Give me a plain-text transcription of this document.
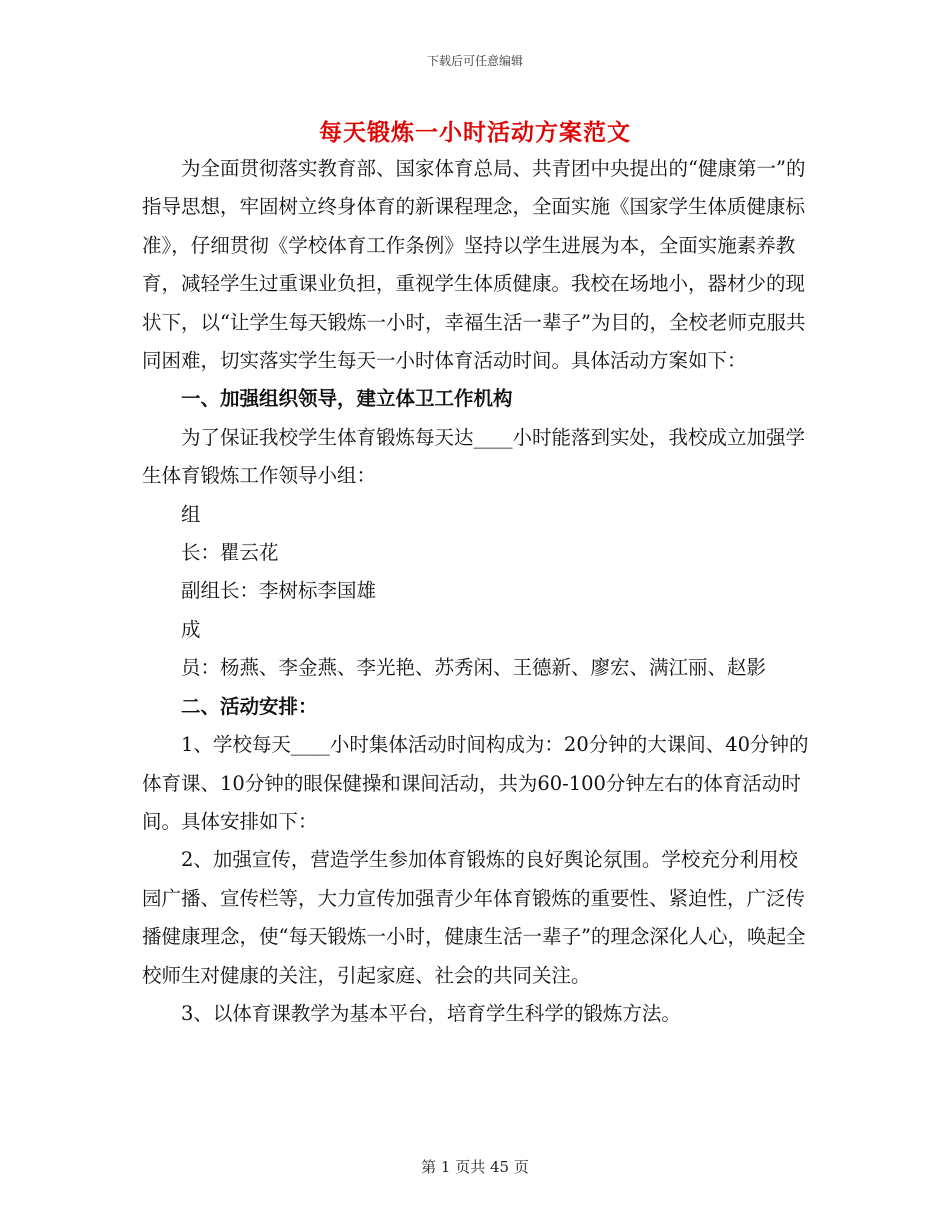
下载后可任意编辑
每天锻炼一小时活动方案范文

为全面贯彻落实教育部、国家体育总局、共青团中央提出的“健康第一”的指导思想，牢固树立终身体育的新课程理念，全面实施《国家学生体质健康标准》，仔细贯彻《学校体育工作条例》坚持以学生进展为本，全面实施素养教育，减轻学生过重课业负担，重视学生体质健康。我校在场地小，器材少的现状下，以“让学生每天锻炼一小时，幸福生活一辈子”为目的，全校老师克服共同困难，切实落实学生每天一小时体育活动时间。具体活动方案如下：

一、加强组织领导，建立体卫工作机构

为了保证我校学生体育锻炼每天达____小时能落到实处，我校成立加强学生体育锻炼工作领导小组：

组

长：瞿云花

副组长：李树标李国雄

成

员：杨燕、李金燕、李光艳、苏秀闲、王德新、廖宏、满江丽、赵影

二、活动安排：

1、学校每天____小时集体活动时间构成为：20分钟的大课间、40分钟的体育课、10分钟的眼保健操和课间活动，共为60-100分钟左右的体育活动时间。具体安排如下：

2、加强宣传，营造学生参加体育锻炼的良好舆论氛围。学校充分利用校园广播、宣传栏等，大力宣传加强青少年体育锻炼的重要性、紧迫性，广泛传播健康理念，使“每天锻炼一小时，健康生活一辈子”的理念深化人心，唤起全校师生对健康的关注，引起家庭、社会的共同关注。

3、以体育课教学为基本平台，培育学生科学的锻炼方法。

第 1 页共 45 页
